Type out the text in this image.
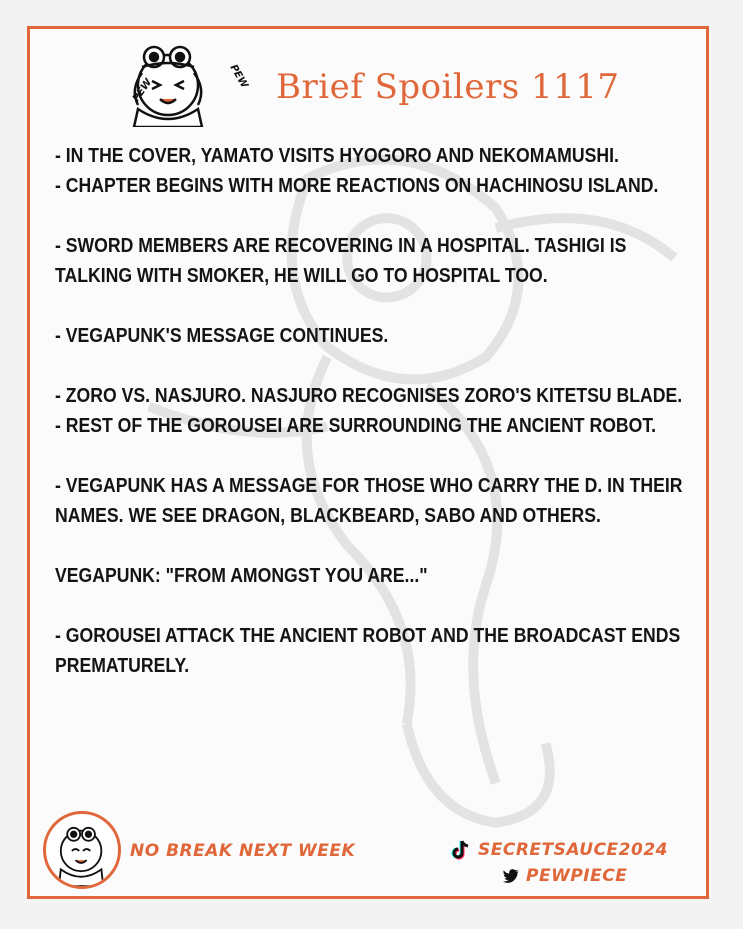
PEW
PEW Brief Spoilers 1117

- IN THE COVER, YAMATO VISITS HYOGORO AND NEKOMAMUSHI.

- CHAPTER BEGINS WITH MORE REACTIONS ON HACHINOSU ISLAND.

- SWORD MEMBERS ARE RECOVERING IN A HOSPITAL. TASHIGI IS

TALKING WITH SMOKER, HE WILL GO TO HOSPITAL TOO.

- VEGAPUNK'S MESSAGE CONTINUES.

- ZORO VS. NASJURO. NASJURO RECOGNISES ZORO'S KITETSU BLADE.

- REST OF THE GOROUSEI ARE SURROUNDING THE ANCIENT ROBOT.

- VEGAPUNK HAS A MESSAGE FOR THOSE WHO CARRY THE D. IN THEIR

NAMES. WE SEE DRAGON, BLACKBEARD, SABO AND OTHERS.

VEGAPUNK: "FROM AMONGST YOU ARE..."

- GOROUSEI ATTACK THE ANCIENT ROBOT AND THE BROADCAST ENDS

PREMATURELY.

NO BREAK NEXT WEEK	SECRETSAUCE2024
PEWPIECE
